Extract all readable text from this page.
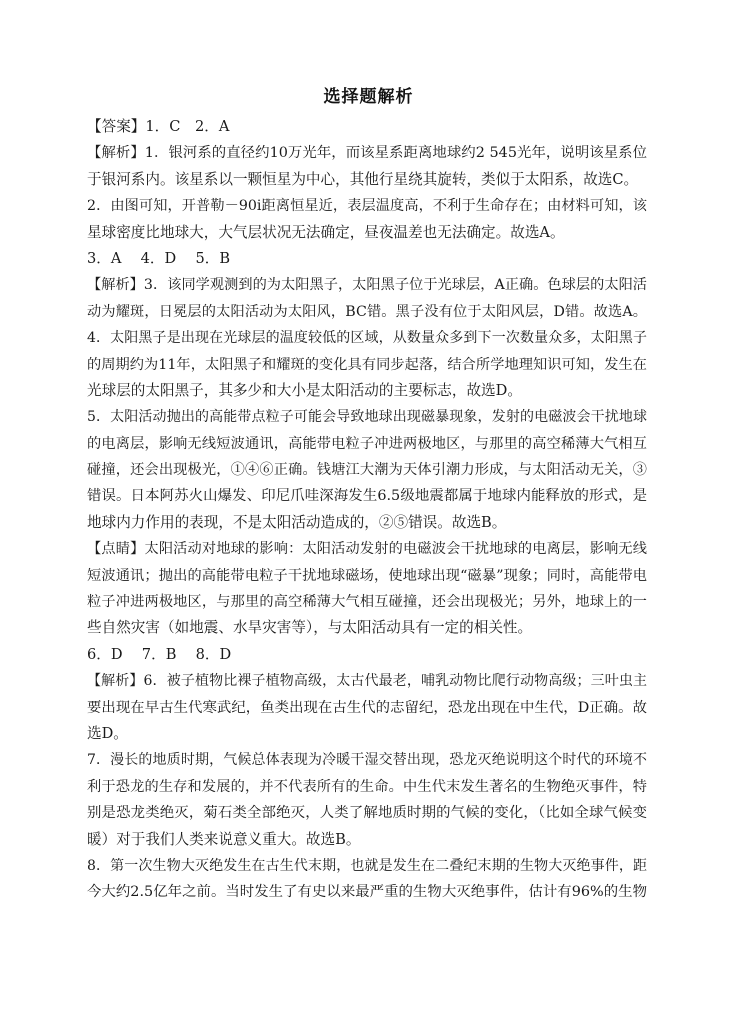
选择题解析
【答案】1．C　2．A
【解析】1．银河系的直径约10万光年，而该星系距离地球约2 545光年，说明该星系位
于银河系内。该星系以一颗恒星为中心，其他行星绕其旋转，类似于太阳系，故选C。
2．由图可知，开普勒－90i距离恒星近，表层温度高，不利于生命存在；由材料可知，该
星球密度比地球大，大气层状况无法确定，昼夜温差也无法确定。故选A。
3．A　 4．D　 5．B
【解析】3．该同学观测到的为太阳黑子，太阳黑子位于光球层，A正确。色球层的太阳活
动为耀斑，日冕层的太阳活动为太阳风，BC错。黑子没有位于太阳风层，D错。故选A。
4．太阳黑子是出现在光球层的温度较低的区域，从数量众多到下一次数量众多，太阳黑子
的周期约为11年，太阳黑子和耀斑的变化具有同步起落，结合所学地理知识可知，发生在
光球层的太阳黑子，其多少和大小是太阳活动的主要标志，故选D。
5．太阳活动抛出的高能带点粒子可能会导致地球出现磁暴现象，发射的电磁波会干扰地球
的电离层，影响无线短波通讯，高能带电粒子冲进两极地区，与那里的高空稀薄大气相互
碰撞，还会出现极光，①④⑥正确。钱塘江大潮为天体引潮力形成，与太阳活动无关，③
错误。日本阿苏火山爆发、印尼爪哇深海发生6.5级地震都属于地球内能释放的形式，是
地球内力作用的表现，不是太阳活动造成的，②⑤错误。故选B。
【点睛】太阳活动对地球的影响：太阳活动发射的电磁波会干扰地球的电离层，影响无线
短波通讯；抛出的高能带电粒子干扰地球磁场，使地球出现“磁暴”现象；同时，高能带电
粒子冲进两极地区，与那里的高空稀薄大气相互碰撞，还会出现极光；另外，地球上的一
些自然灾害（如地震、水旱灾害等），与太阳活动具有一定的相关性。
6．D　 7．B　 8．D
【解析】6．被子植物比裸子植物高级，太古代最老，哺乳动物比爬行动物高级；三叶虫主
要出现在早古生代寒武纪，鱼类出现在古生代的志留纪，恐龙出现在中生代，D正确。故
选D。
7．漫长的地质时期，气候总体表现为冷暖干湿交替出现，恐龙灭绝说明这个时代的环境不
利于恐龙的生存和发展的，并不代表所有的生命。中生代末发生著名的生物绝灭事件，特
别是恐龙类绝灭，菊石类全部绝灭，人类了解地质时期的气候的变化，（比如全球气候变
暖）对于我们人类来说意义重大。故选B。
8．第一次生物大灭绝发生在古生代末期，也就是发生在二叠纪末期的生物大灭绝事件，距
今大约2.5亿年之前。当时发生了有史以来最严重的生物大灭绝事件，估计有96%的生物
